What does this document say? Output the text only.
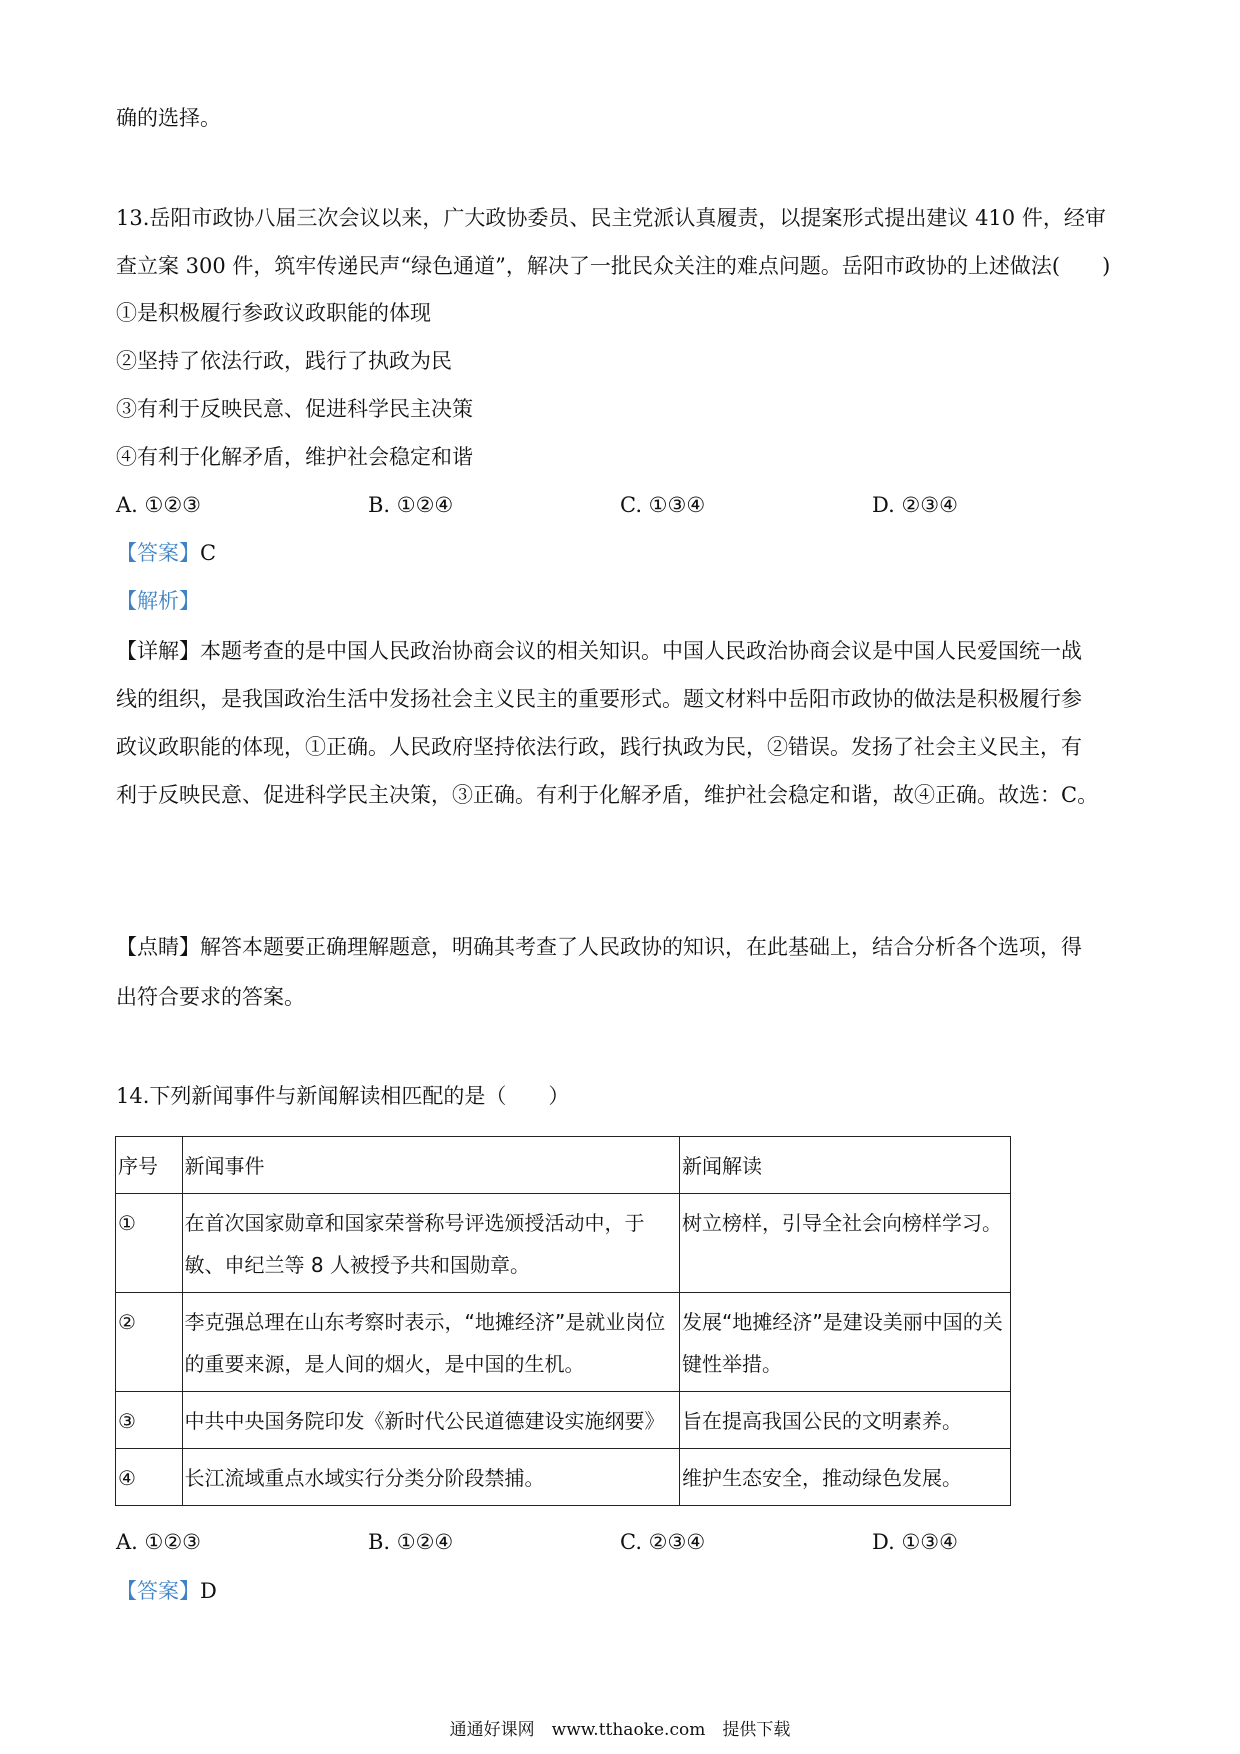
确的选择。
13.岳阳市政协八届三次会议以来，广大政协委员、民主党派认真履责，以提案形式提出建议 410 件，经审
查立案 300 件，筑牢传递民声“绿色通道”，解决了一批民众关注的难点问题。岳阳市政协的上述做法(　　)
①是积极履行参政议政职能的体现
②坚持了依法行政，践行了执政为民
③有利于反映民意、促进科学民主决策
④有利于化解矛盾，维护社会稳定和谐
A. ①②③	B. ①②④	C. ①③④	D. ②③④
【答案】C
【解析】
【详解】本题考查的是中国人民政治协商会议的相关知识。中国人民政治协商会议是中国人民爱国统一战
线的组织，是我国政治生活中发扬社会主义民主的重要形式。题文材料中岳阳市政协的做法是积极履行参
政议政职能的体现，①正确。人民政府坚持依法行政，践行执政为民，②错误。发扬了社会主义民主，有
利于反映民意、促进科学民主决策，③正确。有利于化解矛盾，维护社会稳定和谐，故④正确。故选：C。
【点睛】解答本题要正确理解题意，明确其考查了人民政协的知识，在此基础上，结合分析各个选项，得
出符合要求的答案。
14.下列新闻事件与新闻解读相匹配的是（　　）
序号	新闻事件	新闻解读
①	在首次国家勋章和国家荣誉称号评选颁授活动中，于敏、申纪兰等 8 人被授予共和国勋章。	树立榜样，引导全社会向榜样学习。
②	李克强总理在山东考察时表示，“地摊经济”是就业岗位的重要来源，是人间的烟火，是中国的生机。	发展“地摊经济”是建设美丽中国的关键性举措。
③	中共中央国务院印发《新时代公民道德建设实施纲要》	旨在提高我国公民的文明素养。
④	长江流域重点水域实行分类分阶段禁捕。	维护生态安全，推动绿色发展。
A. ①②③	B. ①②④	C. ②③④	D. ①③④
【答案】D
通通好课网　www.tthaoke.com　提供下载
